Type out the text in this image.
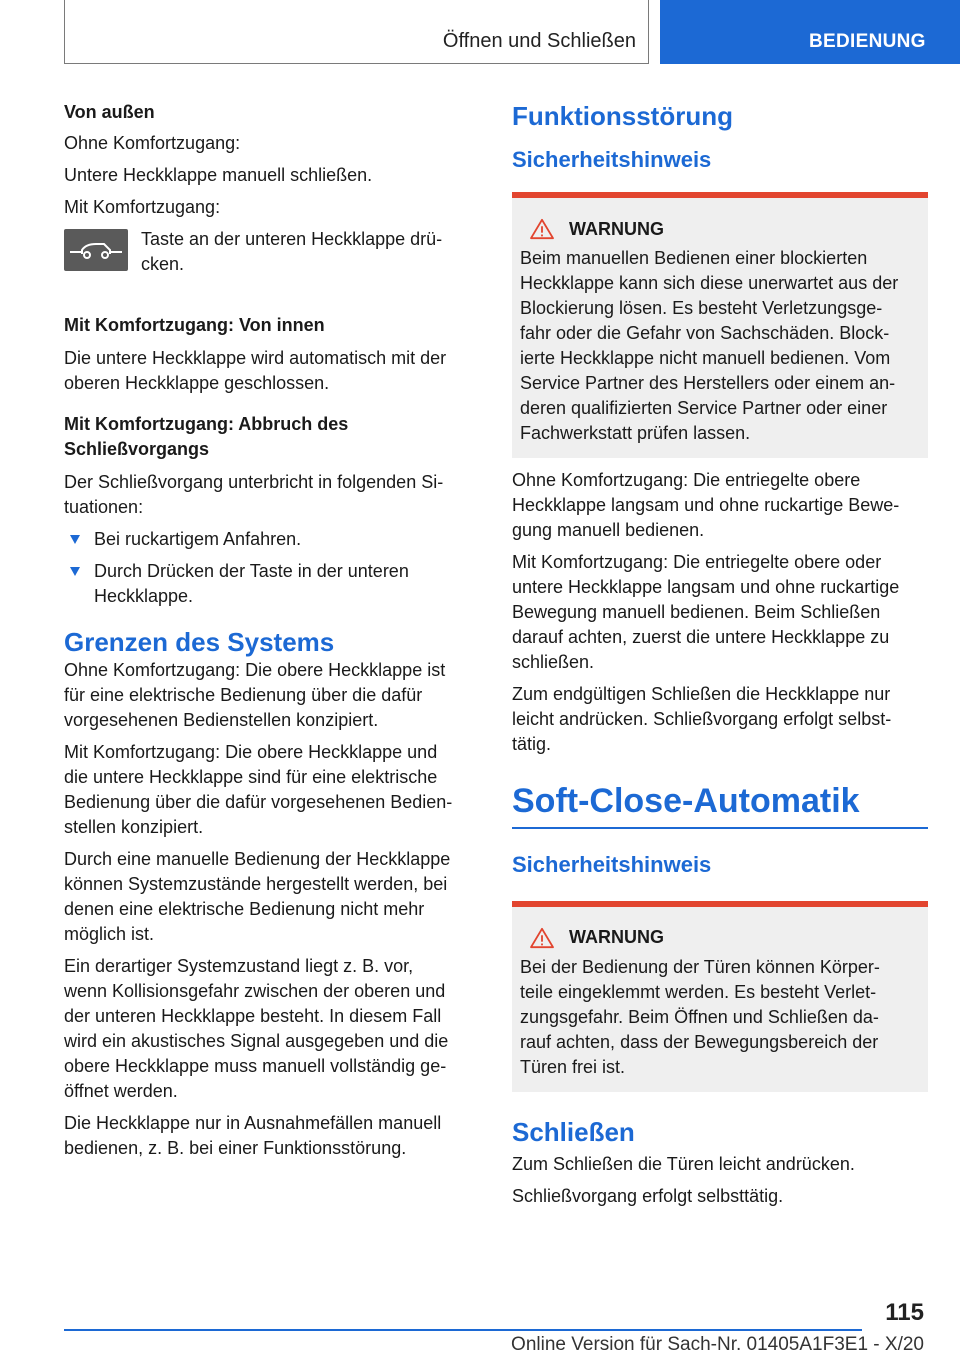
Öffnen und Schließen	BEDIENUNG

Von außen

Ohne Komfortzugang:

Untere Heckklappe manuell schließen.

Mit Komfortzugang:

Taste an der unteren Heckklappe drü-

cken.

Mit Komfortzugang: Von innen

Die untere Heckklappe wird automatisch mit der

oberen Heckklappe geschlossen.

Mit Komfortzugang: Abbruch des

Schließvorgangs

Der Schließvorgang unterbricht in folgenden Si-

tuationen:

Bei ruckartigem Anfahren.

Durch Drücken der Taste in der unteren

Heckklappe.

Grenzen des Systems

Ohne Komfortzugang: Die obere Heckklappe ist

für eine elektrische Bedienung über die dafür

vorgesehenen Bedienstellen konzipiert.

Mit Komfortzugang: Die obere Heckklappe und

die untere Heckklappe sind für eine elektrische

Bedienung über die dafür vorgesehenen Bedien-

stellen konzipiert.

Durch eine manuelle Bedienung der Heckklappe

können Systemzustände hergestellt werden, bei

denen eine elektrische Bedienung nicht mehr

möglich ist.

Ein derartiger Systemzustand liegt z. B. vor,

wenn Kollisionsgefahr zwischen der oberen und

der unteren Heckklappe besteht. In diesem Fall

wird ein akustisches Signal ausgegeben und die

obere Heckklappe muss manuell vollständig ge-

öffnet werden.

Die Heckklappe nur in Ausnahmefällen manuell

bedienen, z. B. bei einer Funktionsstörung.

Funktionsstörung

Sicherheitshinweis

WARNUNG

Beim manuellen Bedienen einer blockierten

Heckklappe kann sich diese unerwartet aus der

Blockierung lösen. Es besteht Verletzungsge-

fahr oder die Gefahr von Sachschäden. Block-

ierte Heckklappe nicht manuell bedienen. Vom

Service Partner des Herstellers oder einem an-

deren qualifizierten Service Partner oder einer

Fachwerkstatt prüfen lassen.

Ohne Komfortzugang: Die entriegelte obere

Heckklappe langsam und ohne ruckartige Bewe-

gung manuell bedienen.

Mit Komfortzugang: Die entriegelte obere oder

untere Heckklappe langsam und ohne ruckartige

Bewegung manuell bedienen. Beim Schließen

darauf achten, zuerst die untere Heckklappe zu

schließen.

Zum endgültigen Schließen die Heckklappe nur

leicht andrücken. Schließvorgang erfolgt selbst-

tätig.

Soft-Close-Automatik

Sicherheitshinweis

WARNUNG

Bei der Bedienung der Türen können Körper-

teile eingeklemmt werden. Es besteht Verlet-

zungsgefahr. Beim Öffnen und Schließen da-

rauf achten, dass der Bewegungsbereich der

Türen frei ist.

Schließen

Zum Schließen die Türen leicht andrücken.

Schließvorgang erfolgt selbsttätig.

115
Online Version für Sach-Nr. 01405A1F3E1 - X/20
